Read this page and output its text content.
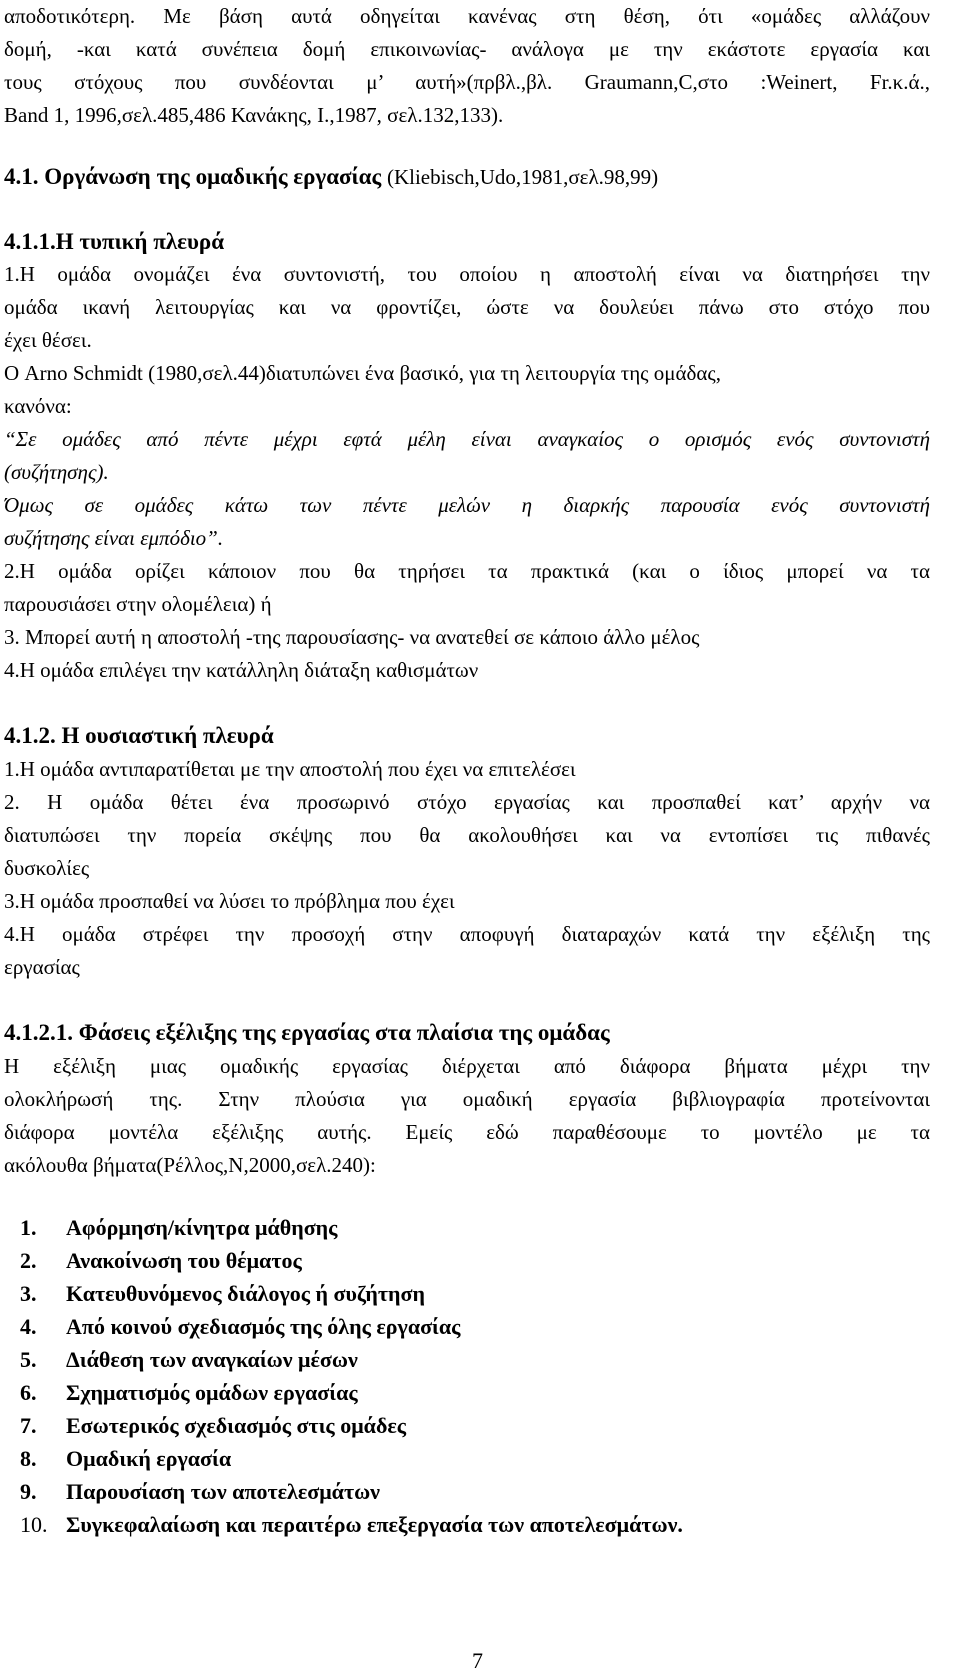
αποδοτικότερη. Με βάση αυτά οδηγείται κανένας στη θέση, ότι «ομάδες αλλάζουν
δομή, -και κατά συνέπεια δομή επικοινωνίας- ανάλογα με την εκάστοτε εργασία και
τους στόχους που συνδέονται μ’ αυτή»(πρβλ.,βλ. Graumann,C,στο :Weinert, Fr.κ.ά.,
Band 1, 1996,σελ.485,486 Κανάκης, Ι.,1987, σελ.132,133).
4.1. Οργάνωση της ομαδικής εργασίας (Kliebisch,Udo,1981,σελ.98,99)
4.1.1.Η τυπική πλευρά
1.Η ομάδα ονομάζει ένα συντονιστή, του οποίου η αποστολή είναι να διατηρήσει την
ομάδα ικανή λειτουργίας και να φροντίζει, ώστε να δουλεύει πάνω στο στόχο που
έχει θέσει.
Ο Arno Schmidt (1980,σελ.44)διατυπώνει ένα βασικό, για τη λειτουργία της ομάδας,
κανόνα:
“Σε ομάδες από πέντε μέχρι εφτά μέλη είναι αναγκαίος ο ορισμός ενός συντονιστή
(συζήτησης).
Όμως σε ομάδες κάτω των πέντε μελών η διαρκής παρουσία ενός συντονιστή
συζήτησης είναι εμπόδιο”.
2.Η ομάδα ορίζει κάποιον που θα τηρήσει τα πρακτικά (και ο ίδιος μπορεί να τα
παρουσιάσει στην ολομέλεια) ή
3. Μπορεί αυτή η αποστολή -της παρουσίασης- να ανατεθεί σε κάποιο άλλο μέλος
4.Η ομάδα επιλέγει την κατάλληλη διάταξη καθισμάτων
4.1.2. Η ουσιαστική πλευρά
1.Η ομάδα αντιπαρατίθεται με την αποστολή που έχει να επιτελέσει
2. Η ομάδα θέτει ένα προσωρινό στόχο εργασίας και προσπαθεί κατ’ αρχήν να
διατυπώσει την πορεία σκέψης που θα ακολουθήσει και να εντοπίσει τις πιθανές
δυσκολίες
3.Η ομάδα προσπαθεί να λύσει το πρόβλημα που έχει
4.Η ομάδα στρέφει την προσοχή στην αποφυγή διαταραχών κατά την εξέλιξη της
εργασίας
4.1.2.1. Φάσεις εξέλιξης της εργασίας στα πλαίσια της ομάδας
Η εξέλιξη μιας ομαδικής εργασίας διέρχεται από διάφορα βήματα μέχρι την
ολοκλήρωσή της. Στην πλούσια για ομαδική εργασία βιβλιογραφία προτείνονται
διάφορα μοντέλα εξέλιξης αυτής. Εμείς εδώ παραθέσουμε το μοντέλο με τα
ακόλουθα βήματα(Ρέλλος,Ν,2000,σελ.240):
1. Αφόρμηση/κίνητρα μάθησης
2. Ανακοίνωση του θέματος
3. Κατευθυνόμενος διάλογος ή συζήτηση
4. Από κοινού σχεδιασμός της όλης εργασίας
5. Διάθεση των αναγκαίων μέσων
6. Σχηματισμός ομάδων εργασίας
7. Εσωτερικός σχεδιασμός στις ομάδες
8. Ομαδική εργασία
9. Παρουσίαση των αποτελεσμάτων
10. Συγκεφαλαίωση και περαιτέρω επεξεργασία των αποτελεσμάτων.
7
